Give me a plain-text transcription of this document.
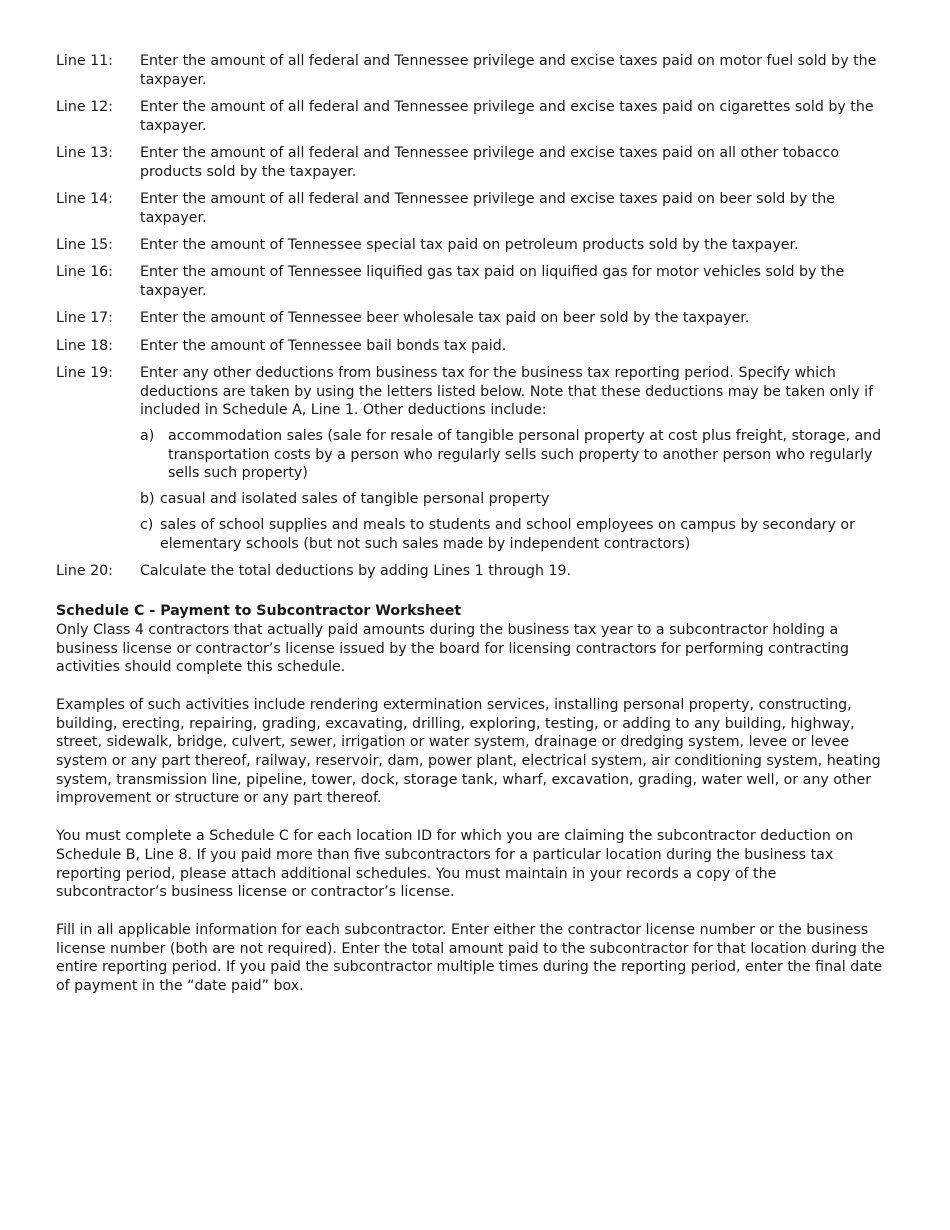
Line 11:	Enter the amount of all federal and Tennessee privilege and excise taxes paid on motor fuel sold by the taxpayer.
Line 12:	Enter the amount of all federal and Tennessee privilege and excise taxes paid on cigarettes sold by the taxpayer.
Line 13:	Enter the amount of all federal and Tennessee privilege and excise taxes paid on all other tobacco products sold by the taxpayer.
Line 14:	Enter the amount of all federal and Tennessee privilege and excise taxes paid on beer sold by the taxpayer.
Line 15:	Enter the amount of Tennessee special tax paid on petroleum products sold by the taxpayer.
Line 16:	Enter the amount of Tennessee liquified gas tax paid on liquified gas for motor vehicles sold by the taxpayer.
Line 17:	Enter the amount of Tennessee beer wholesale tax paid on beer sold by the taxpayer.
Line 18:	Enter the amount of Tennessee bail bonds tax paid.
Line 19:	Enter any other deductions from business tax for the business tax reporting period. Specify which deductions are taken by using the letters listed below. Note that these deductions may be taken only if included in Schedule A, Line 1. Other deductions include:
a) accommodation sales (sale for resale of tangible personal property at cost plus freight, storage, and transportation costs by a person who regularly sells such property to another person who regularly sells such property)
b) casual and isolated sales of tangible personal property
c) sales of school supplies and meals to students and school employees on campus by secondary or elementary schools (but not such sales made by independent contractors)
Line 20:	Calculate the total deductions by adding Lines 1 through 19.
Schedule C - Payment to Subcontractor Worksheet

Only Class 4 contractors that actually paid amounts during the business tax year to a subcontractor holding a business license or contractor’s license issued by the board for licensing contractors for performing contracting activities should complete this schedule.

Examples of such activities include rendering extermination services, installing personal property, constructing, building, erecting, repairing, grading, excavating, drilling, exploring, testing, or adding to any building, highway, street, sidewalk, bridge, culvert, sewer, irrigation or water system, drainage or dredging system, levee or levee system or any part thereof, railway, reservoir, dam, power plant, electrical system, air conditioning system, heating system, transmission line, pipeline, tower, dock, storage tank, wharf, excavation, grading, water well, or any other improvement or structure or any part thereof.

You must complete a Schedule C for each location ID for which you are claiming the subcontractor deduction on Schedule B, Line 8. If you paid more than five subcontractors for a particular location during the business tax reporting period, please attach additional schedules. You must maintain in your records a copy of the subcontractor’s business license or contractor’s license.

Fill in all applicable information for each subcontractor. Enter either the contractor license number or the business license number (both are not required). Enter the total amount paid to the subcontractor for that location during the entire reporting period. If you paid the subcontractor multiple times during the reporting period, enter the final date of payment in the “date paid” box.
